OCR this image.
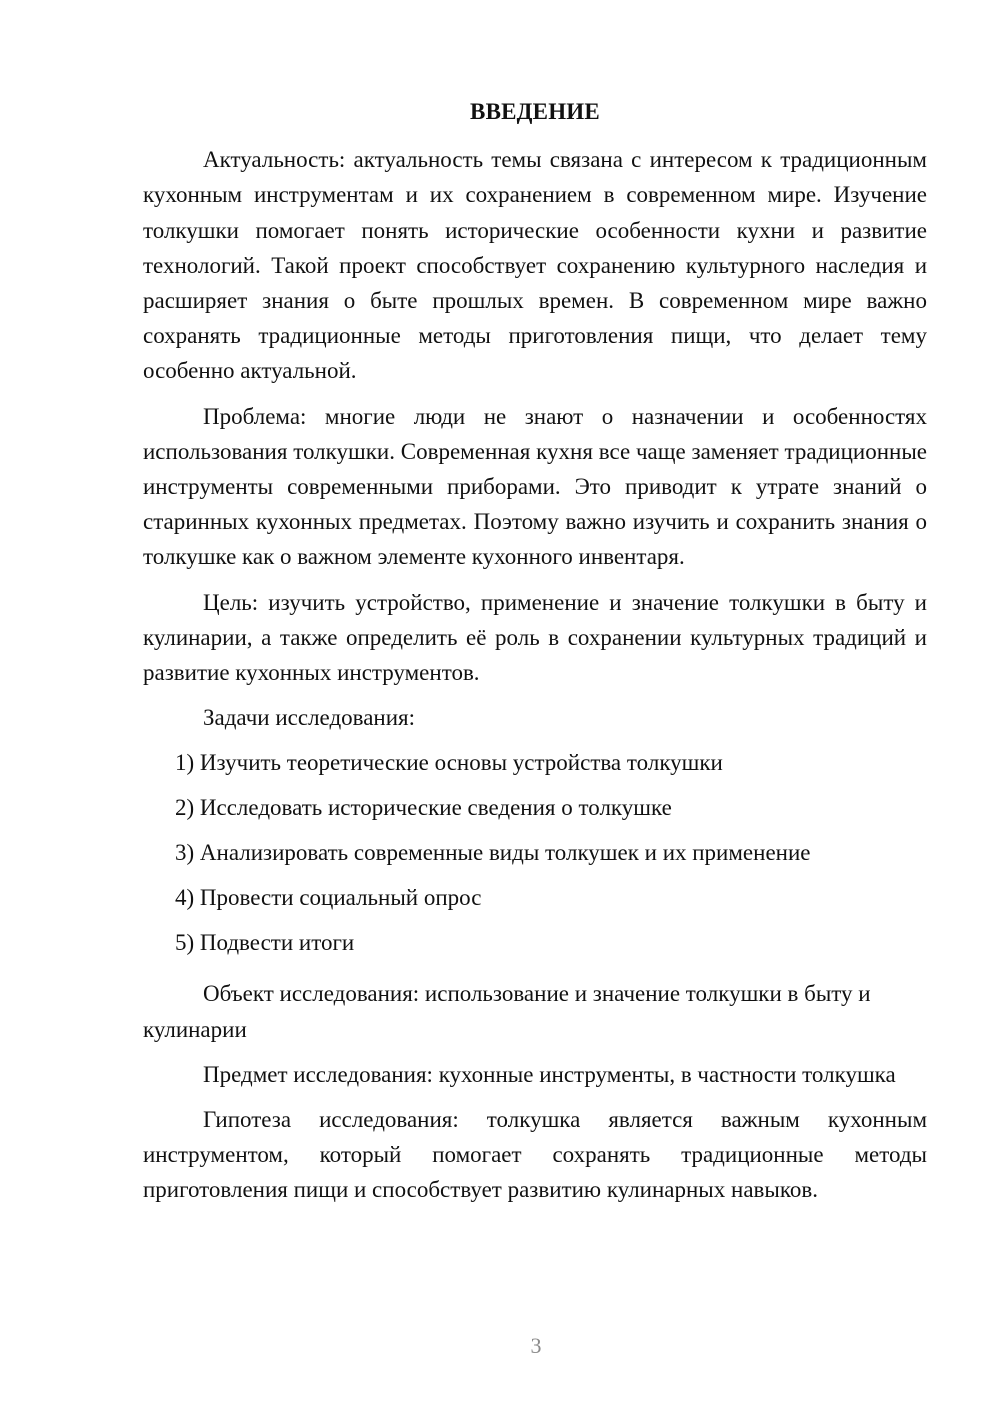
ВВЕДЕНИЕ

Актуальность: актуальность темы связана с интересом к традиционным кухонным инструментам и их сохранением в современном мире. Изучение толкушки помогает понять исторические особенности кухни и развитие технологий. Такой проект способствует сохранению культурного наследия и расширяет знания о быте прошлых времен. В современном мире важно сохранять традиционные методы приготовления пищи, что делает тему особенно актуальной.

Проблема: многие люди не знают о назначении и особенностях использования толкушки. Современная кухня все чаще заменяет традиционные инструменты современными приборами. Это приводит к утрате знаний о старинных кухонных предметах. Поэтому важно изучить и сохранить знания о толкушке как о важном элементе кухонного инвентаря.

Цель: изучить устройство, применение и значение толкушки в быту и кулинарии, а также определить её роль в сохранении культурных традиций и развитие кухонных инструментов.

Задачи исследования:

1) Изучить теоретические основы устройства толкушки
2) Исследовать исторические сведения о толкушке
3) Анализировать современные виды толкушек и их применение
4) Провести социальный опрос
5) Подвести итоги

Объект исследования: использование и значение толкушки в быту и кулинарии

Предмет исследования: кухонные инструменты, в частности толкушка

Гипотеза исследования: толкушка является важным кухонным инструментом, который помогает сохранять традиционные методы приготовления пищи и способствует развитию кулинарных навыков.

3
